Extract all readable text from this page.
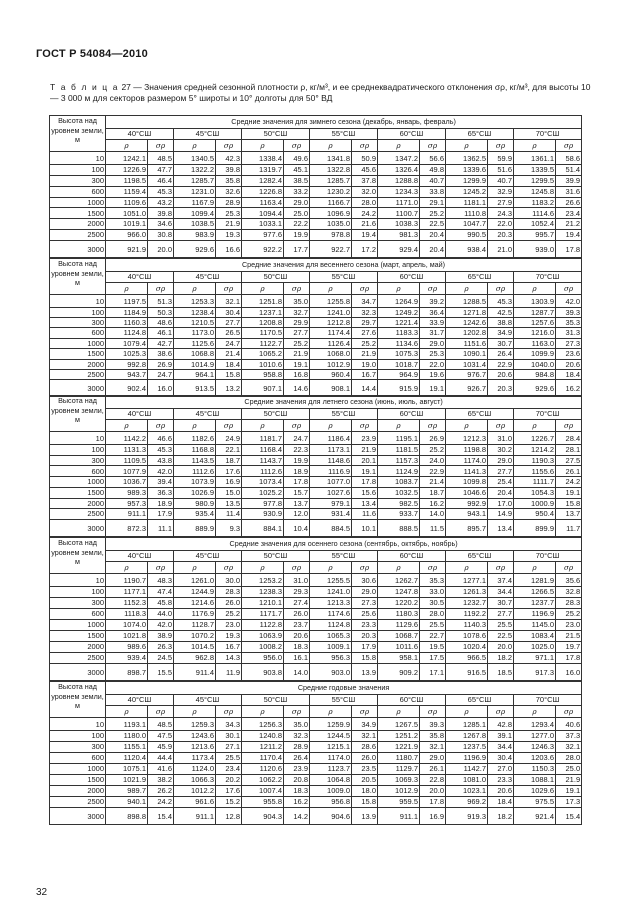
ГОСТ Р 54084—2010
Т а б л и ц а 27 — Значения средней сезонной плотности ρ, кг/м³, и ее среднеквадратического отклонения σρ, кг/м³, для высоты 10 — 3 000 м для секторов размером 5° широты и 10° долготы для 50° ВД
Высота над уровнем земли, м	Средние значения для зимнего сезона (декабрь, январь, февраль)													
	40°СШ		45°СШ		50°СШ		55°СШ		60°СШ		65°СШ		70°СШ	
	ρ	σρ	ρ	σρ	ρ	σρ	ρ	σρ	ρ	σρ	ρ	σρ	ρ	σρ
10	1242.1	48.5	1340.5	42.3	1338.4	49.6	1341.8	50.9	1347.2	56.6	1362.5	59.9	1361.1	58.6
100	1226.9	47.7	1322.2	39.8	1319.7	45.1	1322.8	45.6	1326.4	49.8	1339.6	51.6	1339.5	51.4
300	1198.5	46.4	1285.7	35.8	1282.4	38.5	1285.7	37.8	1288.8	40.7	1299.9	40.7	1299.5	39.9
600	1159.4	45.3	1231.0	32.6	1226.8	33.2	1230.2	32.0	1234.3	33.8	1245.2	32.9	1245.8	31.6
1000	1109.6	43.2	1167.9	28.9	1163.4	29.0	1166.7	28.0	1171.0	29.1	1181.1	27.9	1183.2	26.6
1500	1051.0	39.8	1099.4	25.3	1094.4	25.0	1096.9	24.2	1100.7	25.2	1110.8	24.3	1114.6	23.4
2000	1019.1	34.6	1038.5	21.9	1033.1	22.2	1035.0	21.6	1038.3	22.5	1047.7	22.0	1052.4	21.2
2500	966.0	30.8	983.9	19.3	977.6	19.9	978.8	19.4	981.3	20.4	990.5	20.3	995.7	19.4
3000	921.9	20.0	929.6	16.6	922.2	17.7	922.7	17.2	929.4	20.4	938.4	21.0	939.0	17.8
Высота над уровнем земли, м	Средние значения для весеннего сезона (март, апрель, май)													
	40°СШ		45°СШ		50°СШ		55°СШ		60°СШ		65°СШ		70°СШ	
	ρ	σρ	ρ	σρ	ρ	σρ	ρ	σρ	ρ	σρ	ρ	σρ	ρ	σρ
10	1197.5	51.3	1253.3	32.1	1251.8	35.0	1255.8	34.7	1264.9	39.2	1288.5	45.3	1303.9	42.0
100	1184.9	50.3	1238.4	30.4	1237.1	32.7	1241.0	32.3	1249.2	36.4	1271.8	42.5	1287.7	39.3
300	1160.3	48.6	1210.5	27.7	1208.8	29.9	1212.8	29.7	1221.4	33.9	1242.6	38.8	1257.6	35.3
600	1124.8	46.1	1173.0	26.5	1170.5	27.7	1174.4	27.6	1183.3	31.7	1202.8	34.9	1216.0	31.3
1000	1079.4	42.7	1125.6	24.7	1122.7	25.2	1126.4	25.2	1134.6	29.0	1151.6	30.7	1163.0	27.3
1500	1025.3	38.6	1068.8	21.4	1065.2	21.9	1068.0	21.9	1075.3	25.3	1090.1	26.4	1099.9	23.6
2000	992.8	26.9	1014.9	18.4	1010.6	19.1	1012.9	19.0	1018.7	22.0	1031.4	22.9	1040.0	20.6
2500	943.7	24.7	964.1	15.8	958.8	16.8	960.4	16.7	964.9	19.6	976.7	20.6	984.8	18.4
3000	902.4	16.0	913.5	13.2	907.1	14.6	908.1	14.4	915.9	19.1	926.7	20.3	929.6	16.2
Высота над уровнем земли, м	Средние значения для летнего сезона (июнь, июль, август)													
	40°СШ		45°СШ		50°СШ		55°СШ		60°СШ		65°СШ		70°СШ	
	ρ	σρ	ρ	σρ	ρ	σρ	ρ	σρ	ρ	σρ	ρ	σρ	ρ	σρ
10	1142.2	46.6	1182.6	24.9	1181.7	24.7	1186.4	23.9	1195.1	26.9	1212.3	31.0	1226.7	28.4
100	1131.3	45.3	1168.8	22.1	1168.4	22.3	1173.1	21.9	1181.5	25.2	1198.8	30.2	1214.2	28.1
300	1109.5	43.8	1143.5	18.7	1143.7	19.9	1148.6	20.1	1157.3	24.0	1174.0	29.0	1190.3	27.5
600	1077.9	42.0	1112.6	17.6	1112.6	18.9	1116.9	19.1	1124.9	22.9	1141.3	27.7	1155.6	26.1
1000	1036.7	39.4	1073.9	16.9	1073.4	17.8	1077.0	17.8	1083.7	21.4	1099.8	25.4	1111.7	24.2
1500	989.3	36.3	1026.9	15.0	1025.2	15.7	1027.6	15.6	1032.5	18.7	1046.6	20.4	1054.3	19.1
2000	957.3	18.9	980.9	13.5	977.8	13.7	979.1	13.4	982.5	16.2	992.9	17.0	1000.9	15.8
2500	911.1	17.9	935.4	11.4	930.9	12.0	931.4	11.6	933.7	14.0	943.1	14.9	950.4	13.7
3000	872.3	11.1	889.9	9.3	884.1	10.4	884.5	10.1	888.5	11.5	895.7	13.4	899.9	11.7
Высота над уровнем земли, м	Средние значения для осеннего сезона (сентябрь, октябрь, ноябрь)													
	40°СШ		45°СШ		50°СШ		55°СШ		60°СШ		65°СШ		70°СШ	
	ρ	σρ	ρ	σρ	ρ	σρ	ρ	σρ	ρ	σρ	ρ	σρ	ρ	σρ
10	1190.7	48.3	1261.0	30.0	1253.2	31.0	1255.5	30.6	1262.7	35.3	1277.1	37.4	1281.9	35.6
100	1177.1	47.4	1244.9	28.3	1238.3	29.3	1241.0	29.0	1247.8	33.0	1261.3	34.4	1266.5	32.8
300	1152.3	45.8	1214.6	26.0	1210.1	27.4	1213.3	27.3	1220.2	30.5	1232.7	30.7	1237.7	28.3
600	1118.3	44.0	1176.9	25.2	1171.7	26.0	1174.6	25.6	1180.3	28.0	1192.2	27.7	1196.9	25.2
1000	1074.0	42.0	1128.7	23.0	1122.8	23.7	1124.8	23.3	1129.6	25.5	1140.3	25.5	1145.0	23.0
1500	1021.8	38.9	1070.2	19.3	1063.9	20.6	1065.3	20.3	1068.7	22.7	1078.6	22.5	1083.4	21.5
2000	989.6	26.3	1014.5	16.7	1008.2	18.3	1009.1	17.9	1011.6	19.5	1020.4	20.0	1025.0	19.7
2500	939.4	24.5	962.8	14.3	956.0	16.1	956.3	15.8	958.1	17.5	966.5	18.2	971.1	17.8
3000	898.7	15.5	911.4	11.9	903.8	14.0	903.0	13.9	909.2	17.1	916.5	18.5	917.3	16.0
Высота над уровнем земли, м	Средние годовые значения													
	40°СШ		45°СШ		50°СШ		55°СШ		60°СШ		65°СШ		70°СШ	
	ρ	σρ	ρ	σρ	ρ	σρ	ρ	σρ	ρ	σρ	ρ	σρ	ρ	σρ
10	1193.1	48.5	1259.3	34.3	1256.3	35.0	1259.9	34.9	1267.5	39.3	1285.1	42.8	1293.4	40.6
100	1180.0	47.5	1243.6	30.1	1240.8	32.3	1244.5	32.1	1251.2	35.8	1267.8	39.1	1277.0	37.3
300	1155.1	45.9	1213.6	27.1	1211.2	28.9	1215.1	28.6	1221.9	32.1	1237.5	34.4	1246.3	32.1
600	1120.4	44.4	1173.4	25.5	1170.4	26.4	1174.0	26.0	1180.7	29.0	1196.9	30.4	1203.6	28.0
1000	1075.1	41.6	1124.0	23.4	1120.6	23.9	1123.7	23.5	1129.7	26.1	1142.7	27.0	1150.3	25.0
1500	1021.9	38.2	1066.3	20.2	1062.2	20.8	1064.8	20.5	1069.3	22.8	1081.0	23.3	1088.1	21.9
2000	989.7	26.2	1012.2	17.6	1007.4	18.3	1009.0	18.0	1012.9	20.0	1023.1	20.6	1029.6	19.1
2500	940.1	24.2	961.6	15.2	955.8	16.2	956.8	15.8	959.5	17.8	969.2	18.4	975.5	17.3
3000	898.8	15.4	911.1	12.8	904.3	14.2	904.6	13.9	911.1	16.9	919.3	18.2	921.4	15.4
32
